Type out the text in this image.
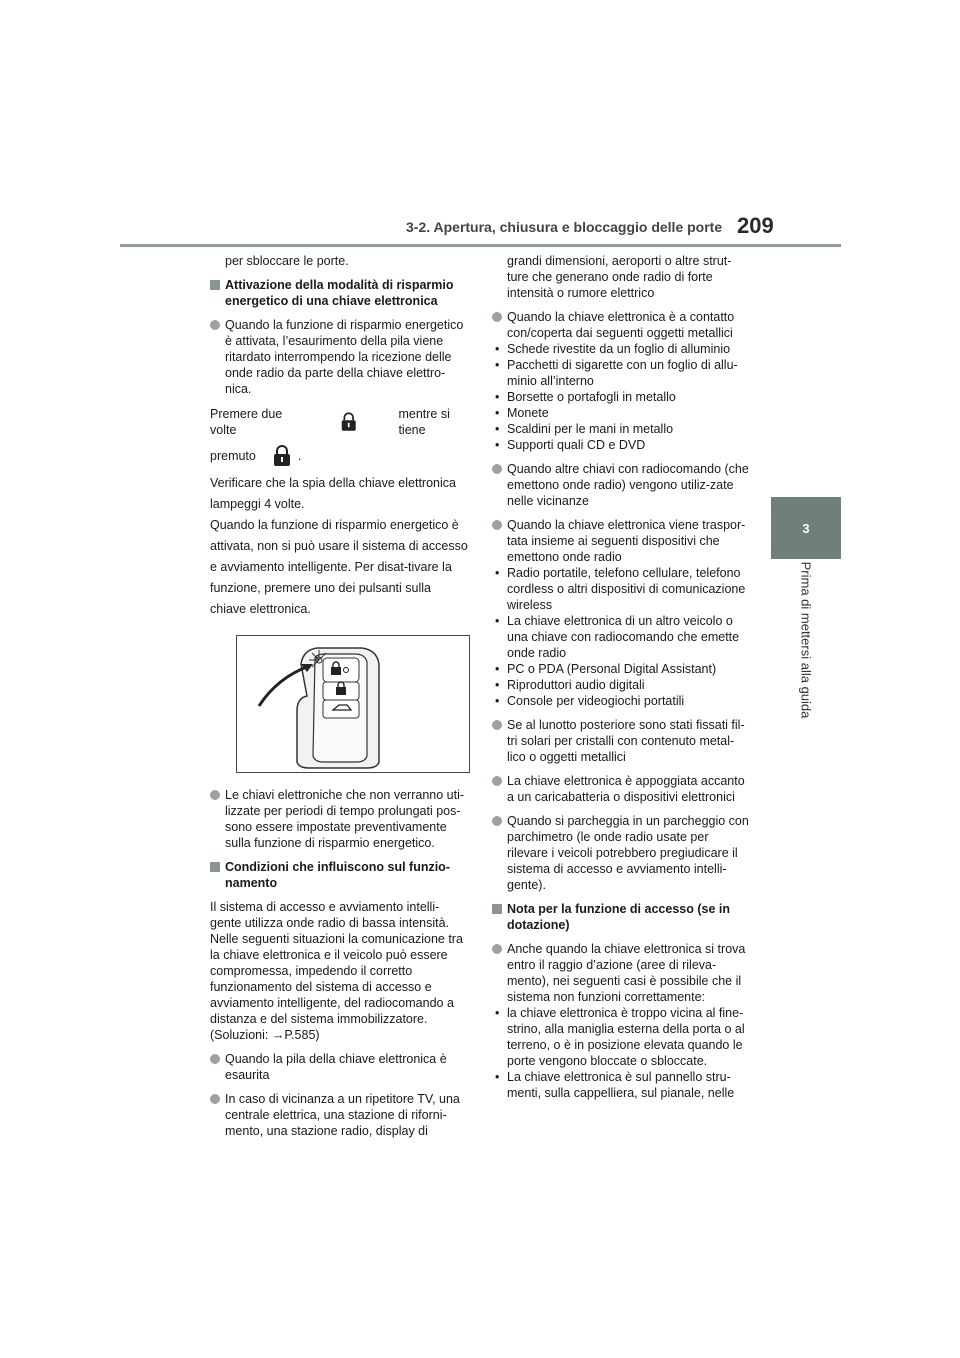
3-2. Apertura, chiusura e bloccaggio delle porte 209
3
Prima di mettersi alla guida

per sbloccare le porte.

Attivazione della modalità di risparmio energetico di una chiave elettronica
Quando la funzione di risparmio energetico è attivata, l’esaurimento della pila viene ritardato interrompendo la ricezione delle onde radio da parte della chiave elettro-nica.
Premere due volte
mentre si tiene
premuto	.

Verificare che la spia della chiave elettronica lampeggi 4 volte.

Quando la funzione di risparmio energetico è attivata, non si può usare il sistema di accesso e avviamento intelligente. Per disat-tivare la funzione, premere uno dei pulsanti sulla chiave elettronica.

Le chiavi elettroniche che non verranno uti-lizzate per periodi di tempo prolungati pos-sono essere impostate preventivamente sulla funzione di risparmio energetico.
Condizioni che influiscono sul funzio-namento

Il sistema di accesso e avviamento intelli-gente utilizza onde radio di bassa intensità. Nelle seguenti situazioni la comunicazione tra la chiave elettronica e il veicolo può essere compromessa, impedendo il corretto funzionamento del sistema di accesso e avviamento intelligente, del radiocomando a distanza e del sistema immobilizzatore. (Soluzioni: →P.585)

Quando la pila della chiave elettronica è esaurita
In caso di vicinanza a un ripetitore TV, una centrale elettrica, una stazione di riforni-mento, una stazione radio, display di

grandi dimensioni, aeroporti o altre strut-ture che generano onde radio di forte intensità o rumore elettrico

Quando la chiave elettronica è a contatto con/coperta dai seguenti oggetti metallici
• Schede rivestite da un foglio di alluminio
• Pacchetti di sigarette con un foglio di allu-minio all’interno
• Borsette o portafogli in metallo
• Monete
• Scaldini per le mani in metallo
• Supporti quali CD e DVD
Quando altre chiavi con radiocomando (che emettono onde radio) vengono utiliz-zate nelle vicinanze
Quando la chiave elettronica viene traspor-tata insieme ai seguenti dispositivi che emettono onde radio
• Radio portatile, telefono cellulare, telefono cordless o altri dispositivi di comunicazione wireless
• La chiave elettronica di un altro veicolo o una chiave con radiocomando che emette onde radio
• PC o PDA (Personal Digital Assistant)
• Riproduttori audio digitali
• Console per videogiochi portatili
Se al lunotto posteriore sono stati fissati fil-tri solari per cristalli con contenuto metal-lico o oggetti metallici
La chiave elettronica è appoggiata accanto a un caricabatteria o dispositivi elettronici
Quando si parcheggia in un parcheggio con parchimetro (le onde radio usate per rilevare i veicoli potrebbero pregiudicare il sistema di accesso e avviamento intelli-gente).
Nota per la funzione di accesso (se in dotazione)
Anche quando la chiave elettronica si trova entro il raggio d’azione (aree di rileva-mento), nei seguenti casi è possibile che il sistema non funzioni correttamente:
• la chiave elettronica è troppo vicina al fine-strino, alla maniglia esterna della porta o al terreno, o è in posizione elevata quando le porte vengono bloccate o sbloccate.
• La chiave elettronica è sul pannello stru-menti, sulla cappelliera, sul pianale, nelle
